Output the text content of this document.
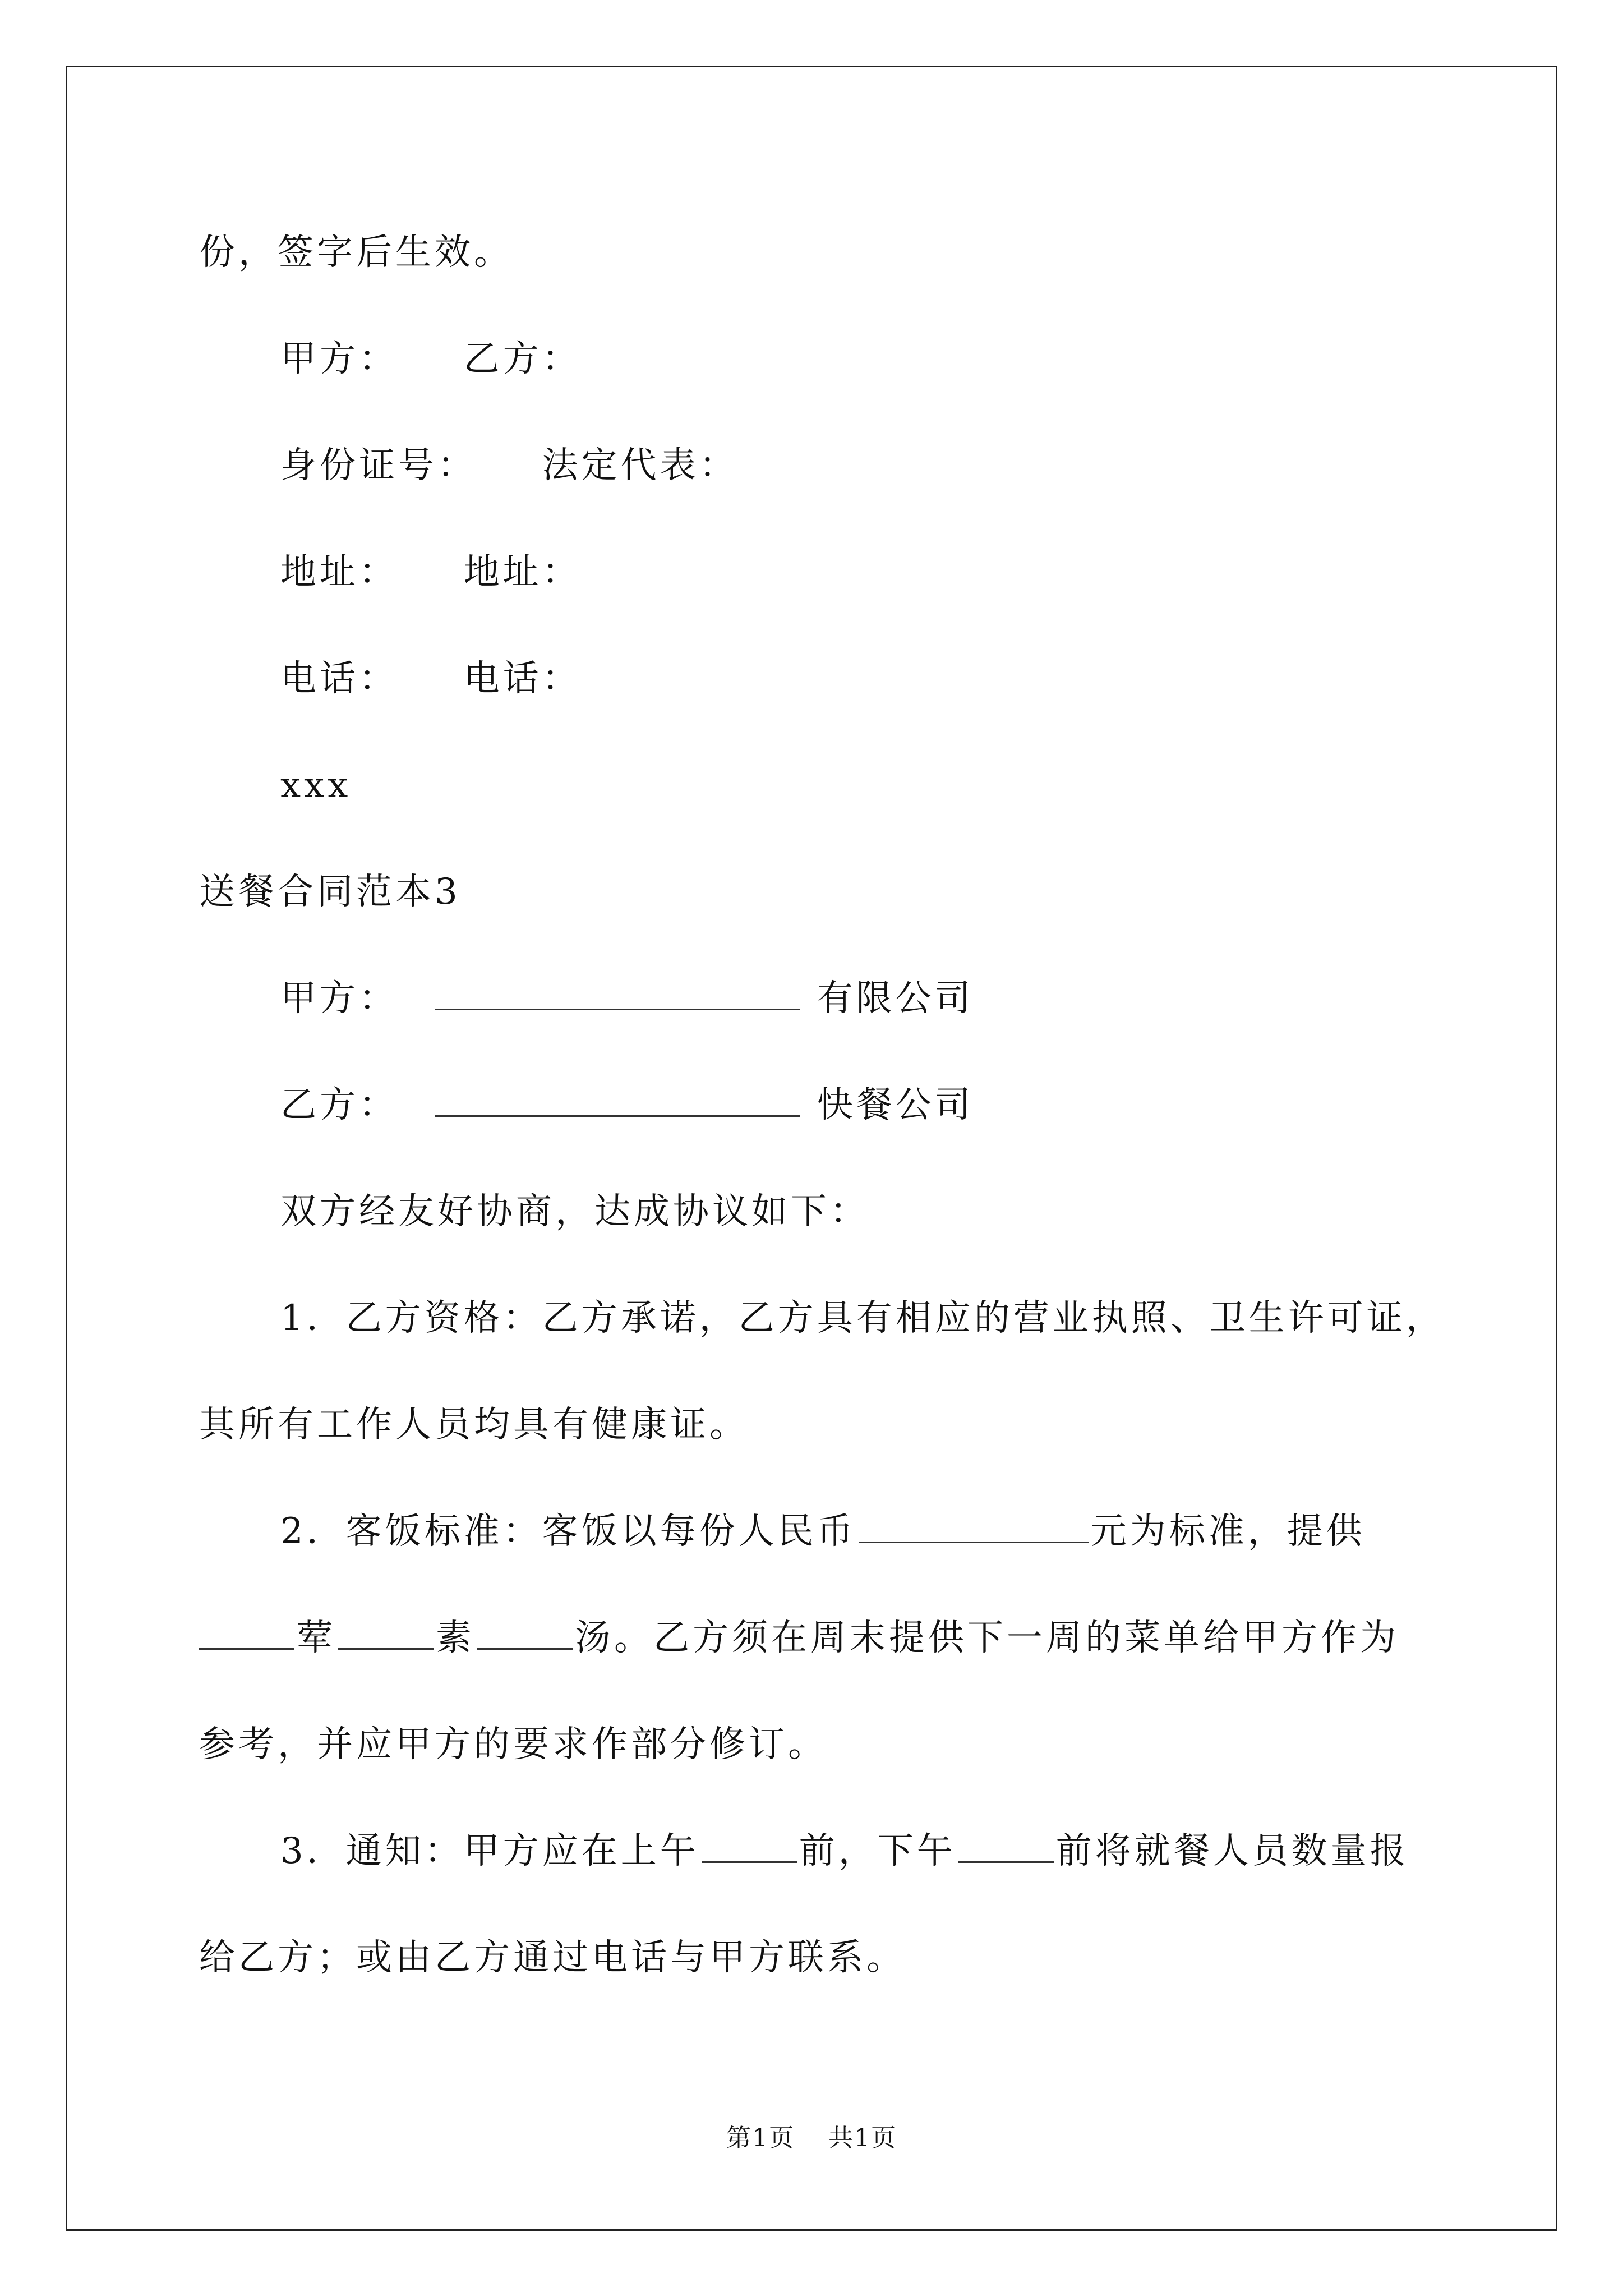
份，签字后生效。
甲方： 乙方：
身份证号： 法定代表：
地址： 地址：
电话： 电话：
xxx
送餐合同范本3
甲方：	有限公司
乙方：	快餐公司
双方经友好协商，达成协议如下：
1．乙方资格：乙方承诺，乙方具有相应的营业执照、卫生许可证，
其所有工作人员均具有健康证。
2．客饭标准：客饭以每份人民币	元为标准，提供
荤	素	汤。乙方须在周末提供下一周的菜单给甲方作为
参考，并应甲方的要求作部分修订。
3．通知：甲方应在上午	前，下午	前将就餐人员数量报
给乙方；或由乙方通过电话与甲方联系。
第1页 共1页
